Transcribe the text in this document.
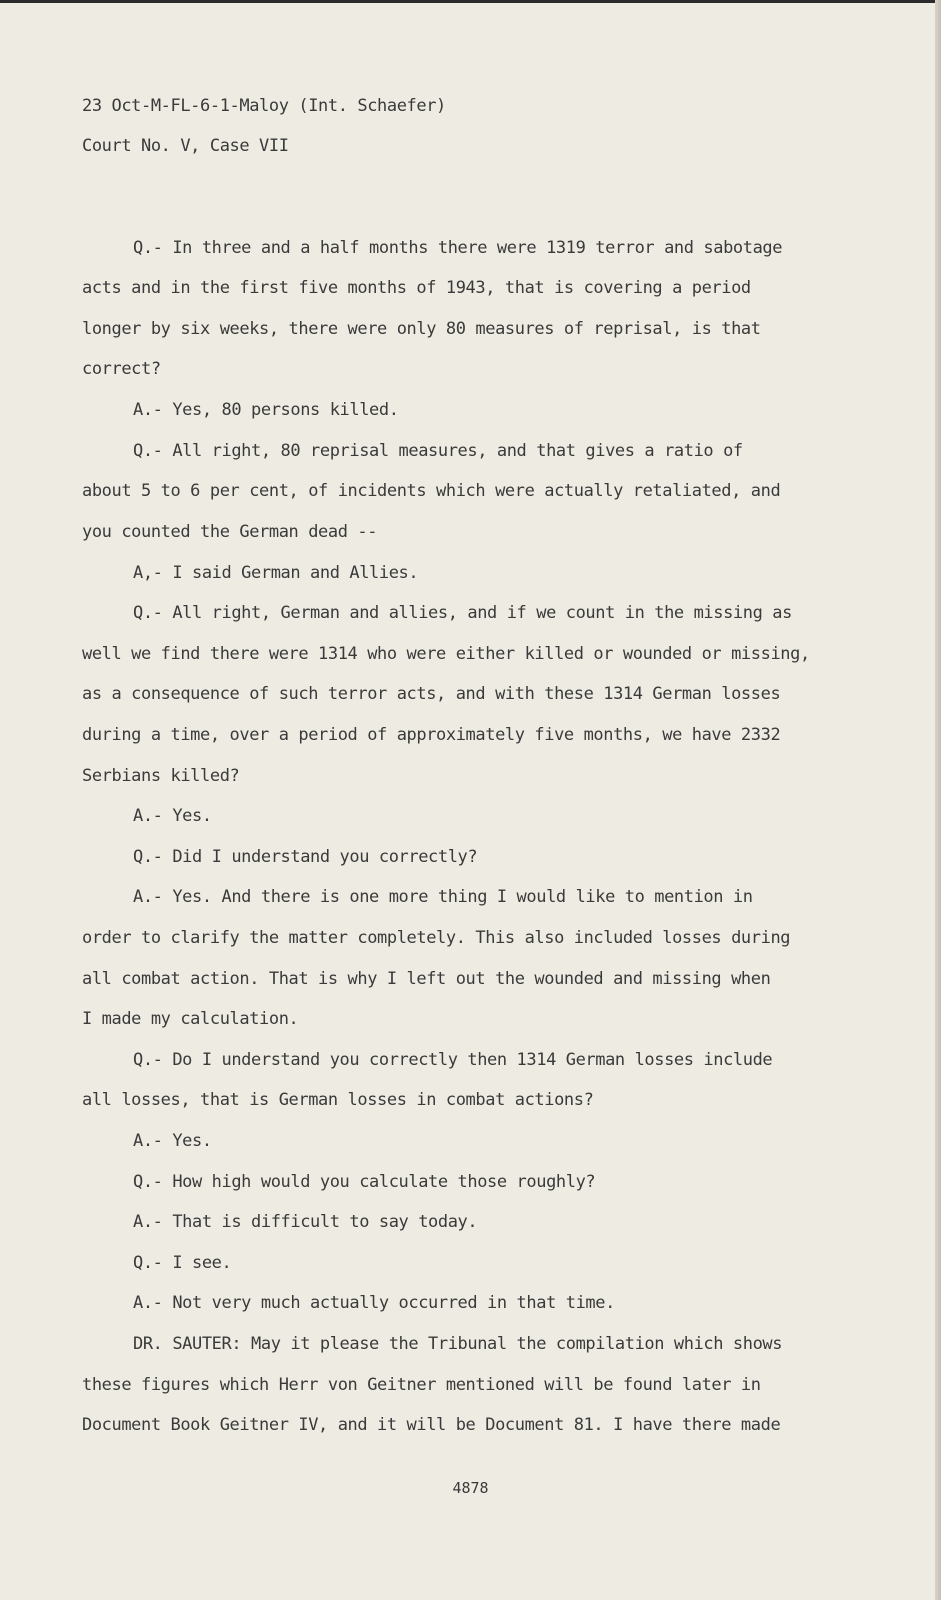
23 Oct-M-FL-6-1-Maloy (Int. Schaefer)
Court No. V, Case VII
Q.- In three and a half months there were 1319 terror and sabotage
acts and in the first five months of 1943, that is covering a period
longer by six weeks, there were only 80 measures of reprisal, is that
correct?
A.- Yes, 80 persons killed.
Q.- All right, 80 reprisal measures, and that gives a ratio of
about 5 to 6 per cent, of incidents which were actually retaliated, and
you counted the German dead --
A,- I said German and Allies.
Q.- All right, German and allies, and if we count in the missing as
well we find there were 1314 who were either killed or wounded or missing,
as a consequence of such terror acts, and with these 1314 German losses
during a time, over a period of approximately five months, we have 2332
Serbians killed?
A.- Yes.
Q.- Did I understand you correctly?
A.- Yes. And there is one more thing I would like to mention in
order to clarify the matter completely. This also included losses during
all combat action. That is why I left out the wounded and missing when
I made my calculation.
Q.- Do I understand you correctly then 1314 German losses include
all losses, that is German losses in combat actions?
A.- Yes.
Q.- How high would you calculate those roughly?
A.- That is difficult to say today.
Q.- I see.
A.- Not very much actually occurred in that time.
DR. SAUTER: May it please the Tribunal the compilation which shows
these figures which Herr von Geitner mentioned will be found later in
Document Book Geitner IV, and it will be Document 81. I have there made
4878
